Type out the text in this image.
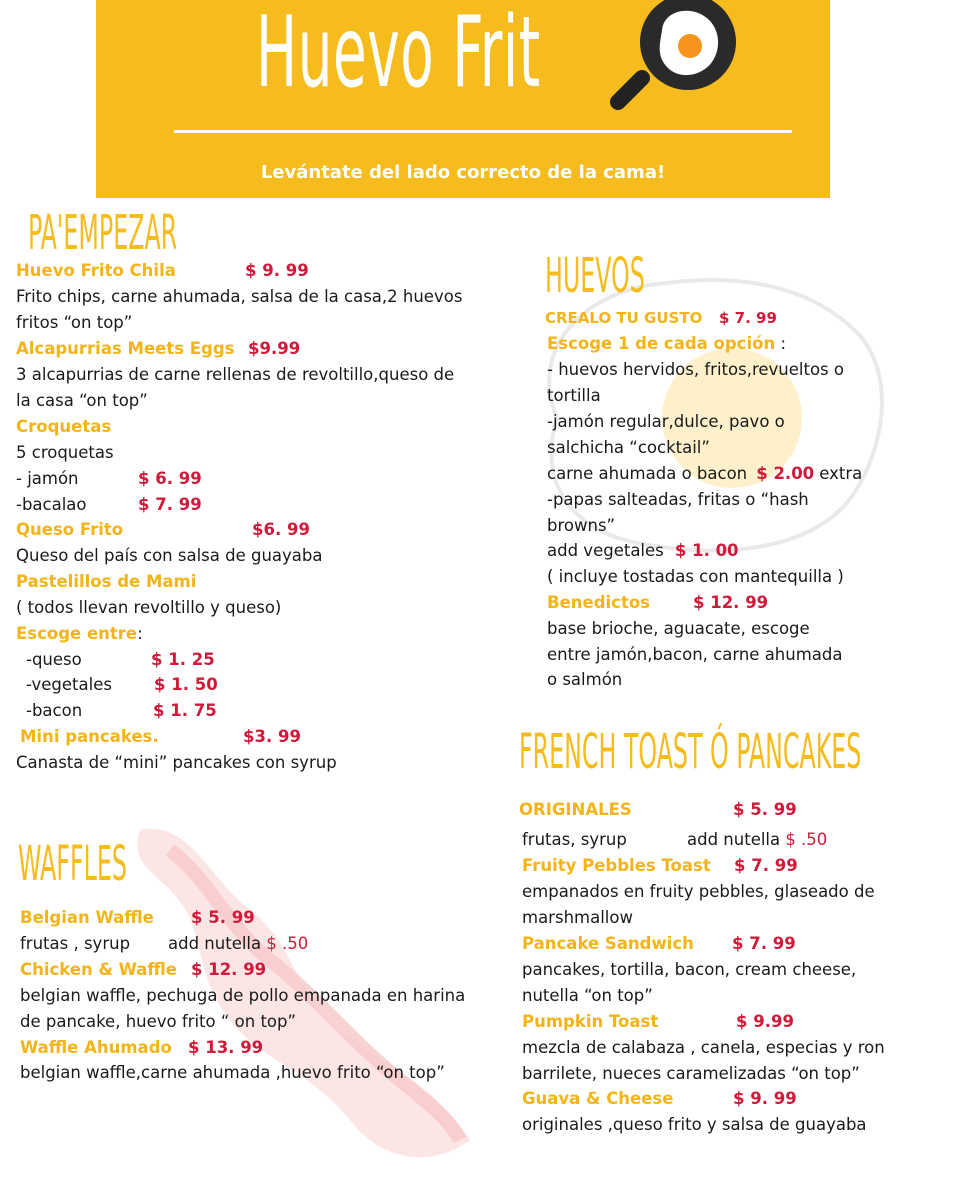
Huevo Frit
Levántate del lado correcto de la cama!
PA'EMPEZAR
Huevo Frito Chila	$ 9. 99
Frito chips, carne ahumada, salsa de la casa,2 huevos
fritos “on top”
Alcapurrias Meets Eggs $9.99
3 alcapurrias de carne rellenas de revoltillo,queso de
la casa “on top”
Croquetas
5 croquetas
- jamón	$ 6. 99
-bacalao	$ 7. 99
Queso Frito	$6. 99
Queso del país con salsa de guayaba
Pastelillos de Mami
( todos llevan revoltillo y queso)
Escoge entre:
-queso	$ 1. 25
-vegetales	$ 1. 50
-bacon	$ 1. 75
Mini pancakes.	$3. 99
Canasta de “mini” pancakes con syrup
HUEVOS
CREALO TU GUSTO $ 7. 99
Escoge 1 de cada opción :
- huevos hervidos, fritos,revueltos o
tortilla
-jamón regular,dulce, pavo o
salchicha “cocktail”
carne ahumada o bacon $ 2.00 extra
-papas salteadas, fritas o “hash
browns”
add vegetales $ 1. 00
( incluye tostadas con mantequilla )
Benedictos	$ 12. 99
base brioche, aguacate, escoge
entre jamón,bacon, carne ahumada
o salmón
FRENCH TOAST Ó PANCAKES
ORIGINALES	$ 5. 99
frutas, syrup	add nutella $ .50
Fruity Pebbles Toast $ 7. 99
empanados en fruity pebbles, glaseado de
marshmallow
Pancake Sandwich $ 7. 99
pancakes, tortilla, bacon, cream cheese,
nutella “on top”
Pumpkin Toast	$ 9.99
mezcla de calabaza , canela, especias y ron
barrilete, nueces caramelizadas “on top”
Guava & Cheese	$ 9. 99
originales ,queso frito y salsa de guayaba
WAFFLES
Belgian Waffle $ 5. 99
frutas , syrup add nutella $ .50
Chicken & Waffle $ 12. 99
belgian waffle, pechuga de pollo empanada en harina
de pancake, huevo frito “ on top”
Waffle Ahumado $ 13. 99
belgian waffle,carne ahumada ,huevo frito “on top”
